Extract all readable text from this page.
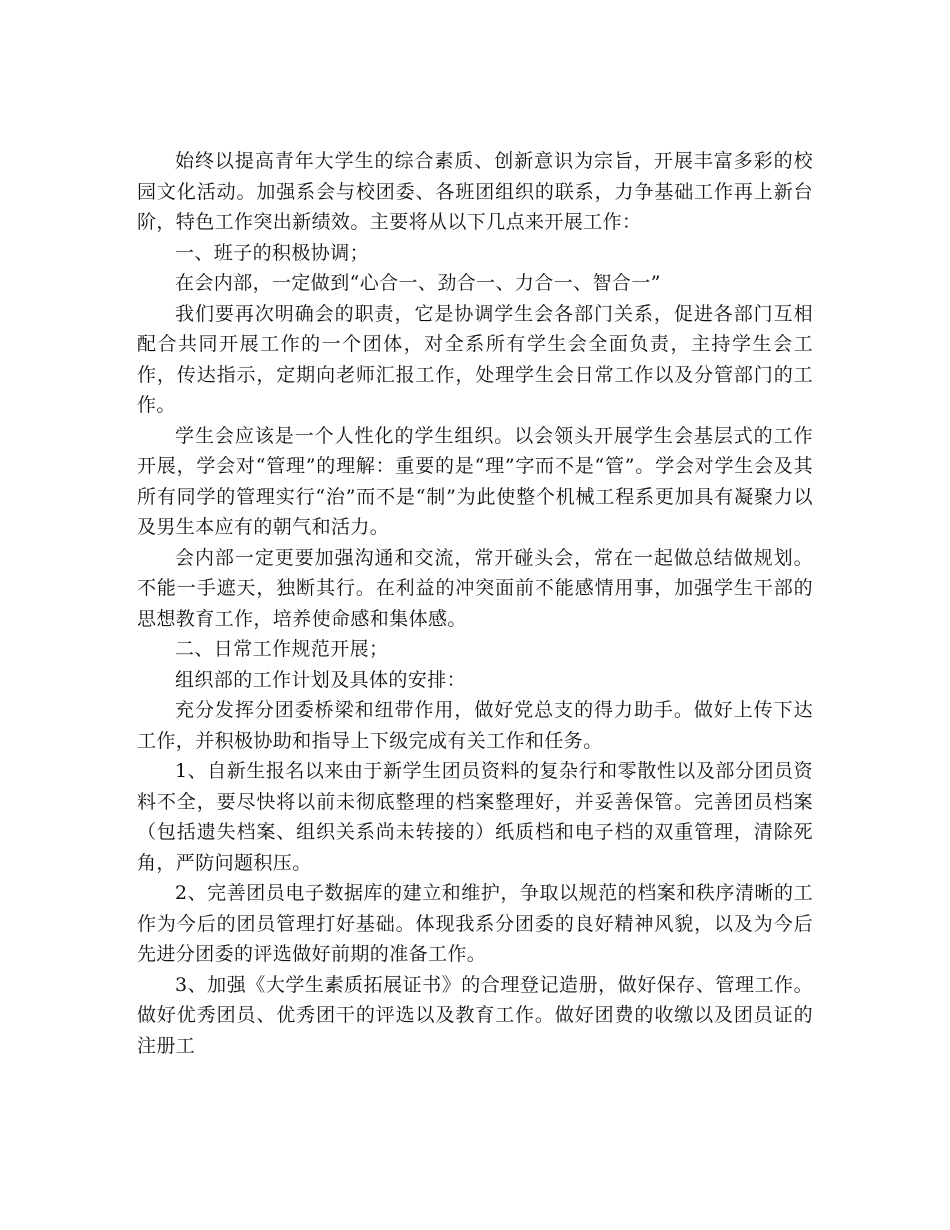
始终以提高青年大学生的综合素质、创新意识为宗旨，开展丰富多彩的校园文化活动。加强系会与校团委、各班团组织的联系，力争基础工作再上新台阶，特色工作突出新绩效。主要将从以下几点来开展工作：

一、班子的积极协调；

在会内部，一定做到“心合一、劲合一、力合一、智合一”

我们要再次明确会的职责，它是协调学生会各部门关系，促进各部门互相配合共同开展工作的一个团体，对全系所有学生会全面负责，主持学生会工作，传达指示，定期向老师汇报工作，处理学生会日常工作以及分管部门的工作。

学生会应该是一个人性化的学生组织。以会领头开展学生会基层式的工作开展，学会对“管理”的理解：重要的是“理”字而不是“管”。学会对学生会及其所有同学的管理实行“治”而不是“制”为此使整个机械工程系更加具有凝聚力以及男生本应有的朝气和活力。

会内部一定更要加强沟通和交流，常开碰头会，常在一起做总结做规划。不能一手遮天，独断其行。在利益的冲突面前不能感情用事，加强学生干部的思想教育工作，培养使命感和集体感。

二、日常工作规范开展；

组织部的工作计划及具体的安排：

充分发挥分团委桥梁和纽带作用，做好党总支的得力助手。做好上传下达工作，并积极协助和指导上下级完成有关工作和任务。

1、自新生报名以来由于新学生团员资料的复杂行和零散性以及部分团员资料不全，要尽快将以前未彻底整理的档案整理好，并妥善保管。完善团员档案（包括遗失档案、组织关系尚未转接的）纸质档和电子档的双重管理，清除死角，严防问题积压。

2、完善团员电子数据库的建立和维护，争取以规范的档案和秩序清晰的工作为今后的团员管理打好基础。体现我系分团委的良好精神风貌，以及为今后先进分团委的评选做好前期的准备工作。

3、加强《大学生素质拓展证书》的合理登记造册，做好保存、管理工作。做好优秀团员、优秀团干的评选以及教育工作。做好团费的收缴以及团员证的注册工
